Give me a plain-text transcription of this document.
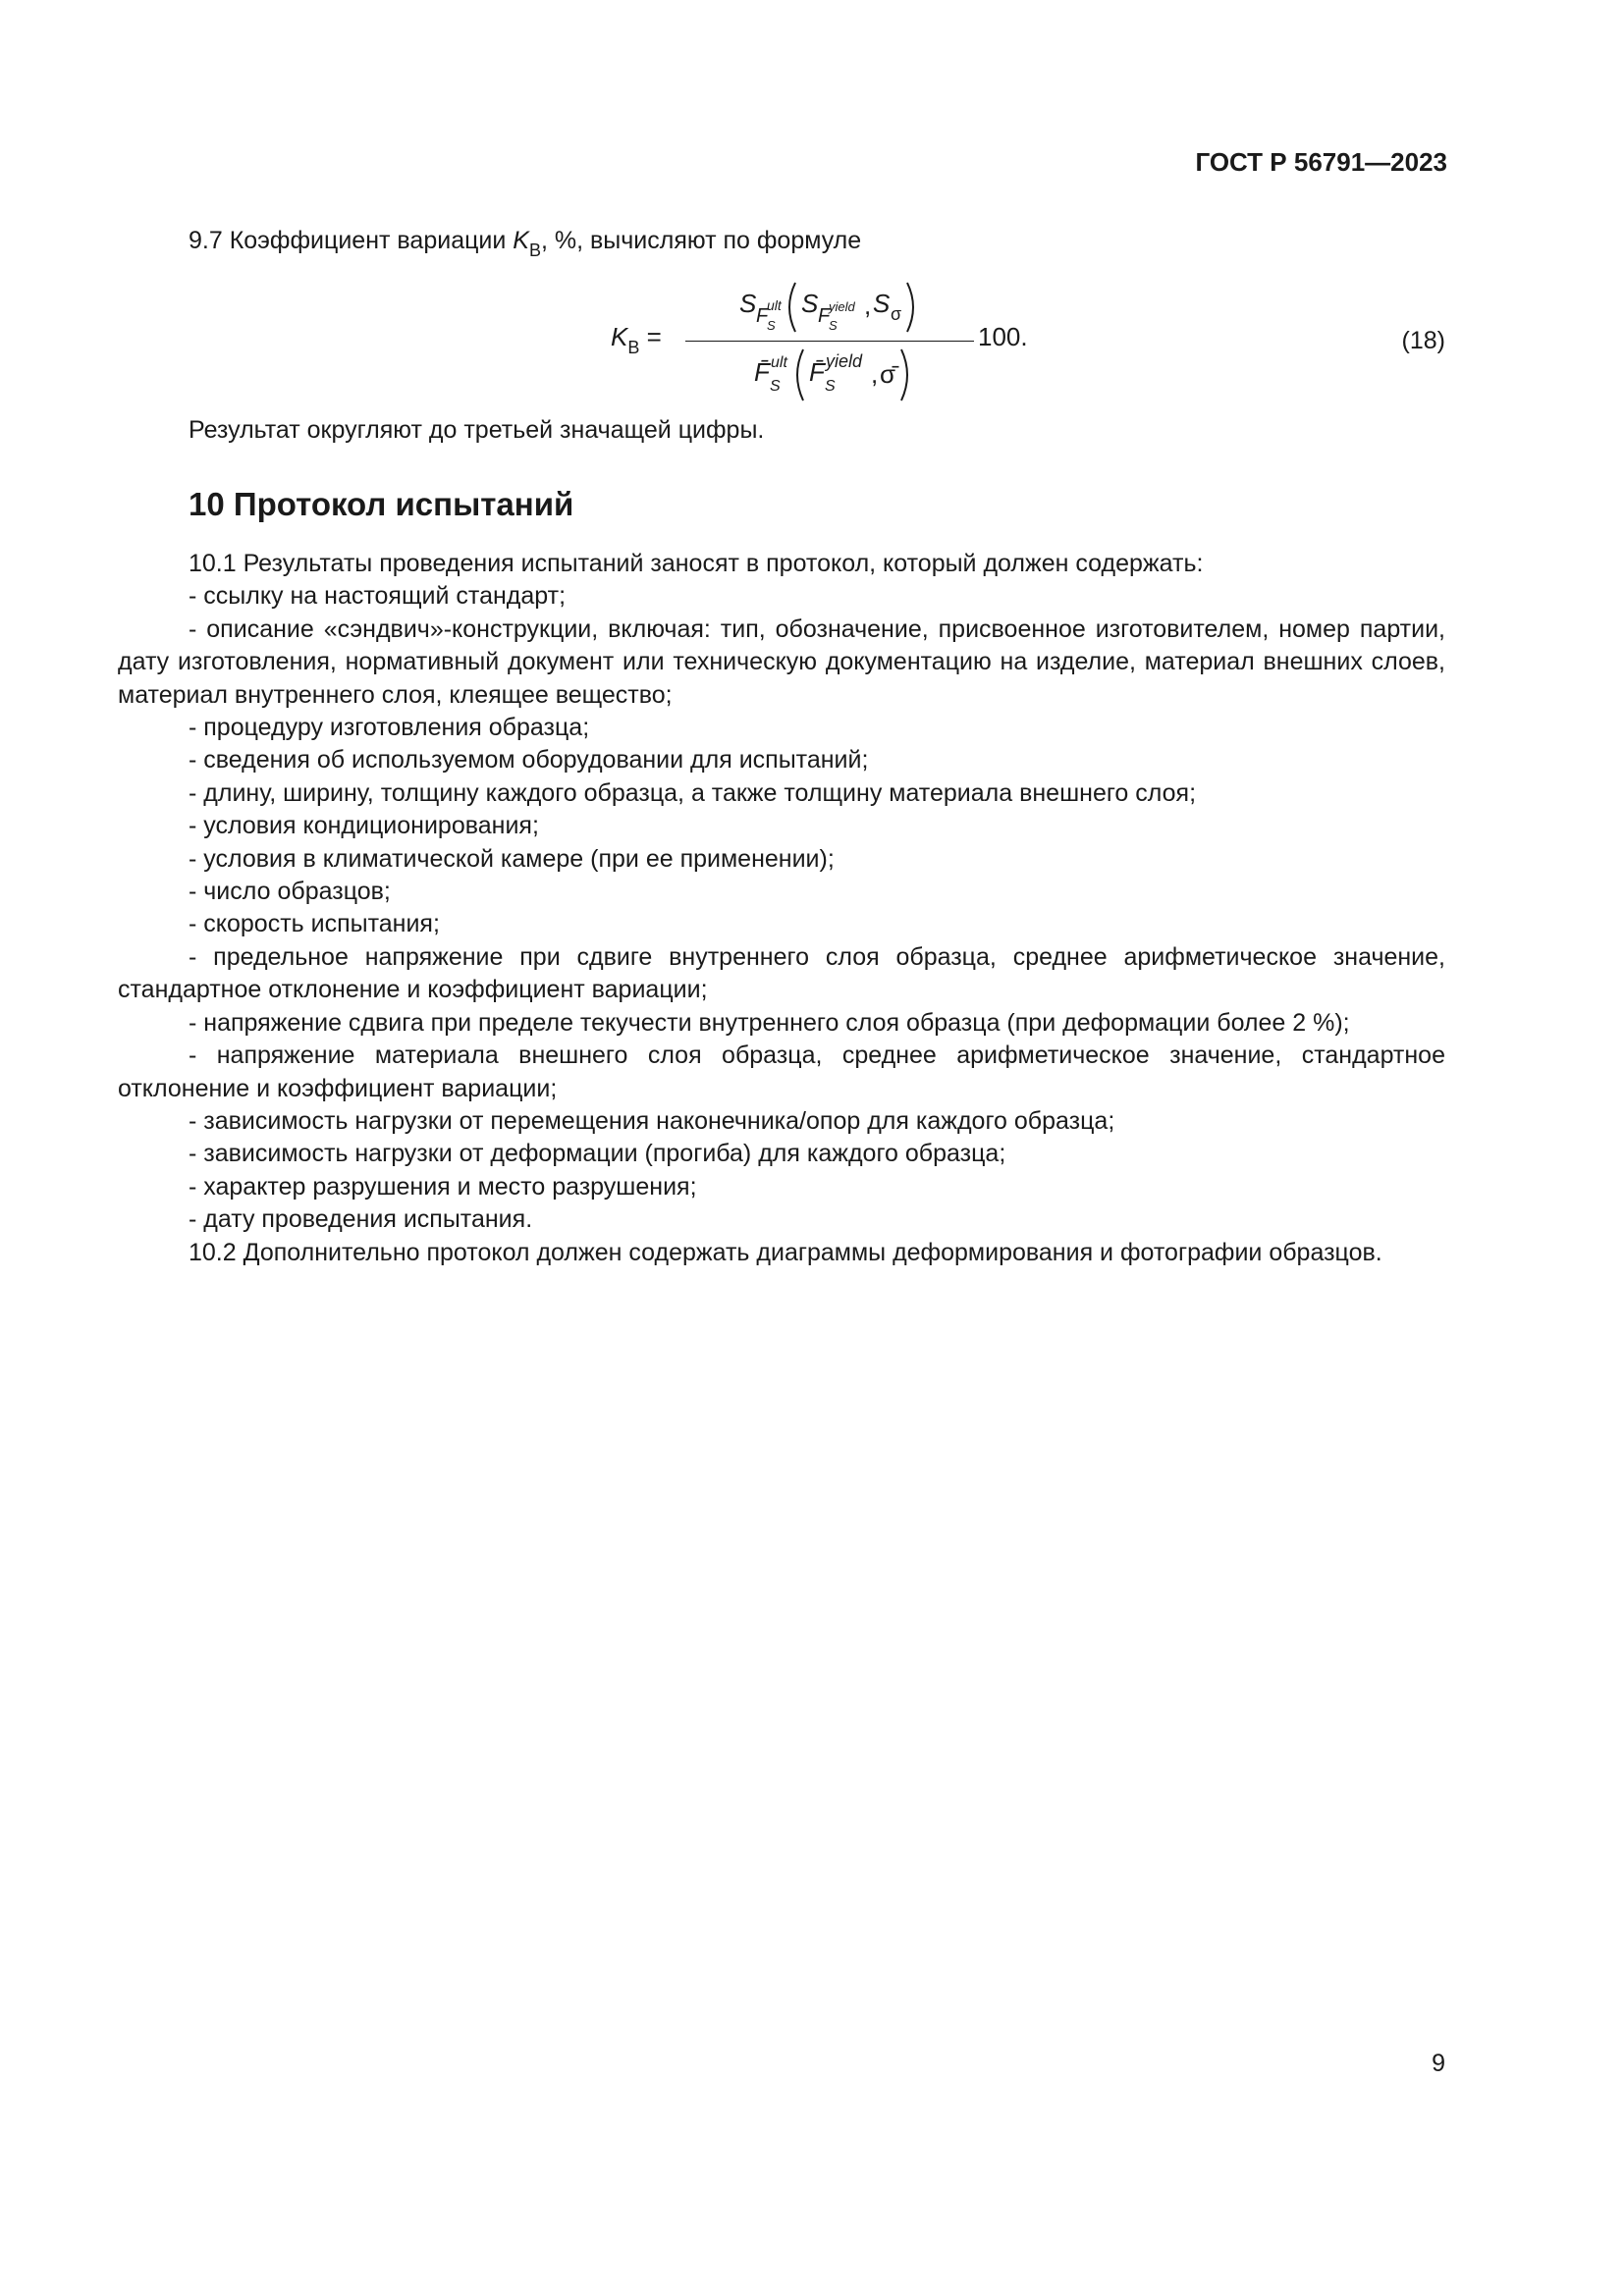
ГОСТ Р 56791—2023

9.7 Коэффициент вариации $K_В$, %, вычисляют по формуле

$K_В$ =
S F
S
ult S F
S
yield , S σ
F̄ S
ult F̄ S
yield , σ̄
100.	(18)

Результат округляют до третьей значащей цифры.

10 Протокол испытаний

10.1 Результаты проведения испытаний заносят в протокол, который должен содержать:

- ссылку на настоящий стандарт;

- описание «сэндвич»-конструкции, включая: тип, обозначение, присвоенное изготовителем, номер партии, дату изготовления, нормативный документ или техническую документацию на изделие, материал внешних слоев, материал внутреннего слоя, клеящее вещество;

- процедуру изготовления образца;

- сведения об используемом оборудовании для испытаний;

- длину, ширину, толщину каждого образца, а также толщину материала внешнего слоя;

- условия кондиционирования;

- условия в климатической камере (при ее применении);

- число образцов;

- скорость испытания;

- предельное напряжение при сдвиге внутреннего слоя образца, среднее арифметическое значение, стандартное отклонение и коэффициент вариации;

- напряжение сдвига при пределе текучести внутреннего слоя образца (при деформации более 2 %);

- напряжение материала внешнего слоя образца, среднее арифметическое значение, стандартное отклонение и коэффициент вариации;

- зависимость нагрузки от перемещения наконечника/опор для каждого образца;

- зависимость нагрузки от деформации (прогиба) для каждого образца;

- характер разрушения и место разрушения;

- дату проведения испытания.

10.2 Дополнительно протокол должен содержать диаграммы деформирования и фотографии образцов.

9
